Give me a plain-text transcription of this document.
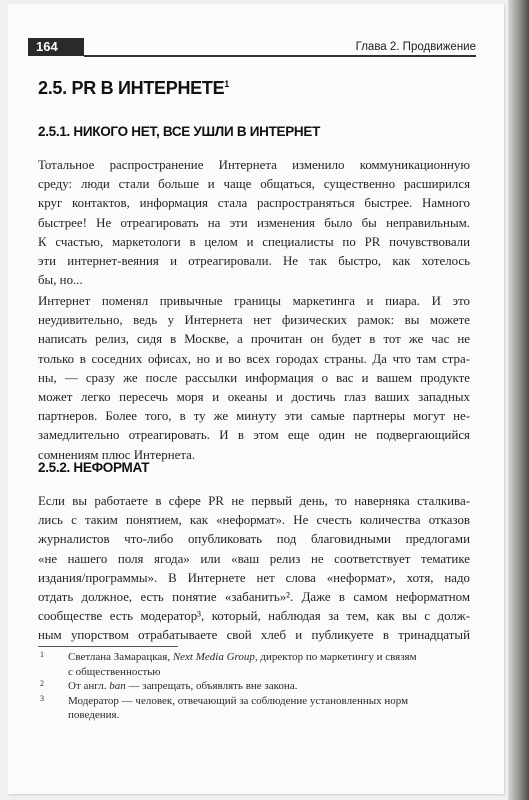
164	Глава 2. Продвижение
2.5. PR В ИНТЕРНЕТЕ$^1$
2.5.1. НИКОГО НЕТ, ВСЕ УШЛИ В ИНТЕРНЕТ
Тотальное распространение Интернета изменило коммуникационную
среду: люди стали больше и чаще общаться, существенно расширился
круг контактов, информация стала распространяться быстрее. Намного
быстрее! Не отреагировать на эти изменения было бы неправильным.
К счастью, маркетологи в целом и специалисты по PR почувствовали
эти интернет-веяния и отреагировали. Не так быстро, как хотелось
бы, но...
Интернет поменял привычные границы маркетинга и пиара. И это
неудивительно, ведь у Интернета нет физических рамок: вы можете
написать релиз, сидя в Москве, а прочитан он будет в тот же час не
только в соседних офисах, но и во всех городах страны. Да что там стра-
ны, — сразу же после рассылки информация о вас и вашем продукте
может легко пересечь моря и океаны и достичь глаз ваших западных
партнеров. Более того, в ту же минуту эти самые партнеры могут не-
замедлительно отреагировать. И в этом еще один не подвергающийся
сомнениям плюс Интернета.
2.5.2. НЕФОРМАТ
Если вы работаете в сфере PR не первый день, то наверняка сталкива-
лись с таким понятием, как «неформат». Не счесть количества отказов
журналистов что-либо опубликовать под благовидными предлогами
«не нашего поля ягода» или «ваш релиз не соответствует тематике
издания/программы». В Интернете нет слова «неформат», хотя, надо
отдать должное, есть понятие «забанить»². Даже в самом неформатном
сообществе есть модератор³, который, наблюдая за тем, как вы с долж-
ным упорством отрабатываете свой хлеб и публикуете в тринадцатый
1 Светлана Замарацкая, Next Media Group, директор по маркетингу и связям
с общественностью
2 От англ. ban — запрещать, объявлять вне закона.
3 Модератор — человек, отвечающий за соблюдение установленных норм
поведения.
